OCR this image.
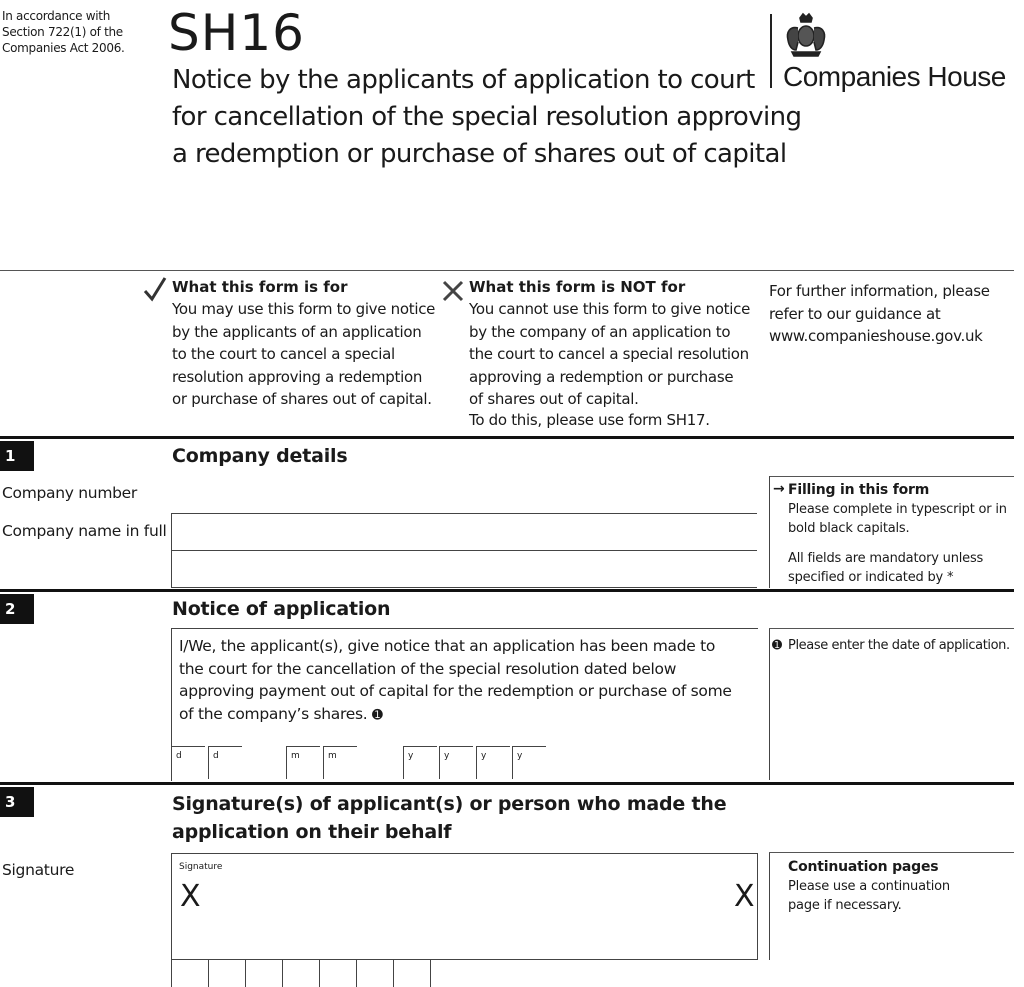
In accordance with Section 722(1) of the Companies Act 2006. SH16
Notice by the applicants of application to court
for cancellation of the special resolution approving
a redemption or purchase of shares out of capital
Companies House
What this form is for
You may use this form to give notice by the applicants of an application to the court to cancel a special resolution approving a redemption or purchase of shares out of capital.
What this form is NOT for
You cannot use this form to give notice by the company of an application to the court to cancel a special resolution approving a redemption or purchase of shares out of capital.
To do this, please use form SH17.
For further information, please refer to our guidance at www.companieshouse.gov.uk
1	Company details
Company number
Company name in full
→ Filling in this form
Please complete in typescript or in bold black capitals.
All fields are mandatory unless specified or indicated by *
2	Notice of application
I/We, the applicant(s), give notice that an application has been made to the court for the cancellation of the special resolution dated below approving payment out of capital for the redemption or purchase of some of the company’s shares. ➊
d	d	m	m	y	y	y	y
➊ Please enter the date of application.
3	Signature(s) of applicant(s) or person who made the
application on their behalf
Signature	Signature
X	X
Continuation pages
Please use a continuation page if necessary.
